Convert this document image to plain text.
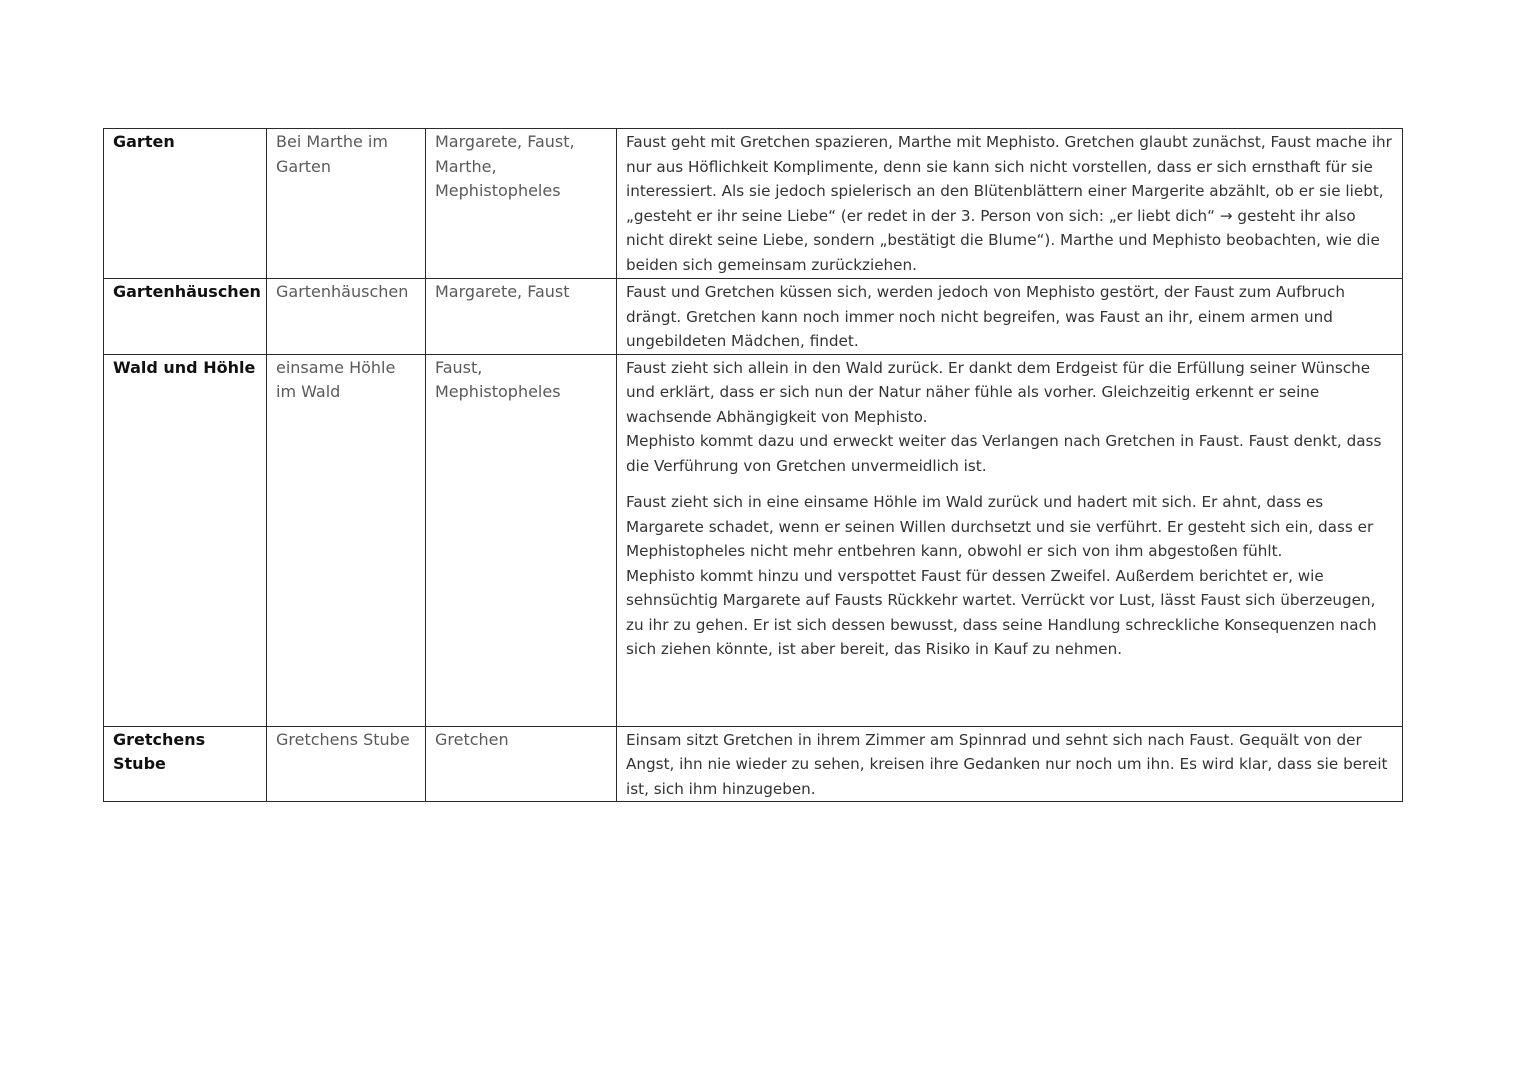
Garten	Bei Marthe im Garten	Margarete, Faust, Marthe, Mephistopheles	Faust geht mit Gretchen spazieren, Marthe mit Mephisto. Gretchen glaubt zunächst, Faust mache ihr nur aus Höflichkeit Komplimente, denn sie kann sich nicht vorstellen, dass er sich ernsthaft für sie interessiert. Als sie jedoch spielerisch an den Blütenblättern einer Margerite abzählt, ob er sie liebt, „gesteht er ihr seine Liebe“ (er redet in der 3. Person von sich: „er liebt dich“ → gesteht ihr also nicht direkt seine Liebe, sondern „bestätigt die Blume“). Marthe und Mephisto beobachten, wie die beiden sich gemeinsam zurückziehen.

Gartenhäuschen	Gartenhäuschen	Margarete, Faust	Faust und Gretchen küssen sich, werden jedoch von Mephisto gestört, der Faust zum Aufbruch drängt. Gretchen kann noch immer noch nicht begreifen, was Faust an ihr, einem armen und ungebildeten Mädchen, findet.

Wald und Höhle	einsame Höhle im Wald	Faust, Mephistopheles	Faust zieht sich allein in den Wald zurück. Er dankt dem Erdgeist für die Erfüllung seiner Wünsche und erklärt, dass er sich nun der Natur näher fühle als vorher. Gleichzeitig erkennt er seine wachsende Abhängigkeit von Mephisto.

Mephisto kommt dazu und erweckt weiter das Verlangen nach Gretchen in Faust. Faust denkt, dass die Verführung von Gretchen unvermeidlich ist.

Faust zieht sich in eine einsame Höhle im Wald zurück und hadert mit sich. Er ahnt, dass es Margarete schadet, wenn er seinen Willen durchsetzt und sie verführt. Er gesteht sich ein, dass er Mephistopheles nicht mehr entbehren kann, obwohl er sich von ihm abgestoßen fühlt.

Mephisto kommt hinzu und verspottet Faust für dessen Zweifel. Außerdem berichtet er, wie sehnsüchtig Margarete auf Fausts Rückkehr wartet. Verrückt vor Lust, lässt Faust sich überzeugen, zu ihr zu gehen. Er ist sich dessen bewusst, dass seine Handlung schreckliche Konsequenzen nach sich ziehen könnte, ist aber bereit, das Risiko in Kauf zu nehmen.

Gretchens Stube	Gretchens Stube	Gretchen	Einsam sitzt Gretchen in ihrem Zimmer am Spinnrad und sehnt sich nach Faust. Gequält von der Angst, ihn nie wieder zu sehen, kreisen ihre Gedanken nur noch um ihn. Es wird klar, dass sie bereit ist, sich ihm hinzugeben.
